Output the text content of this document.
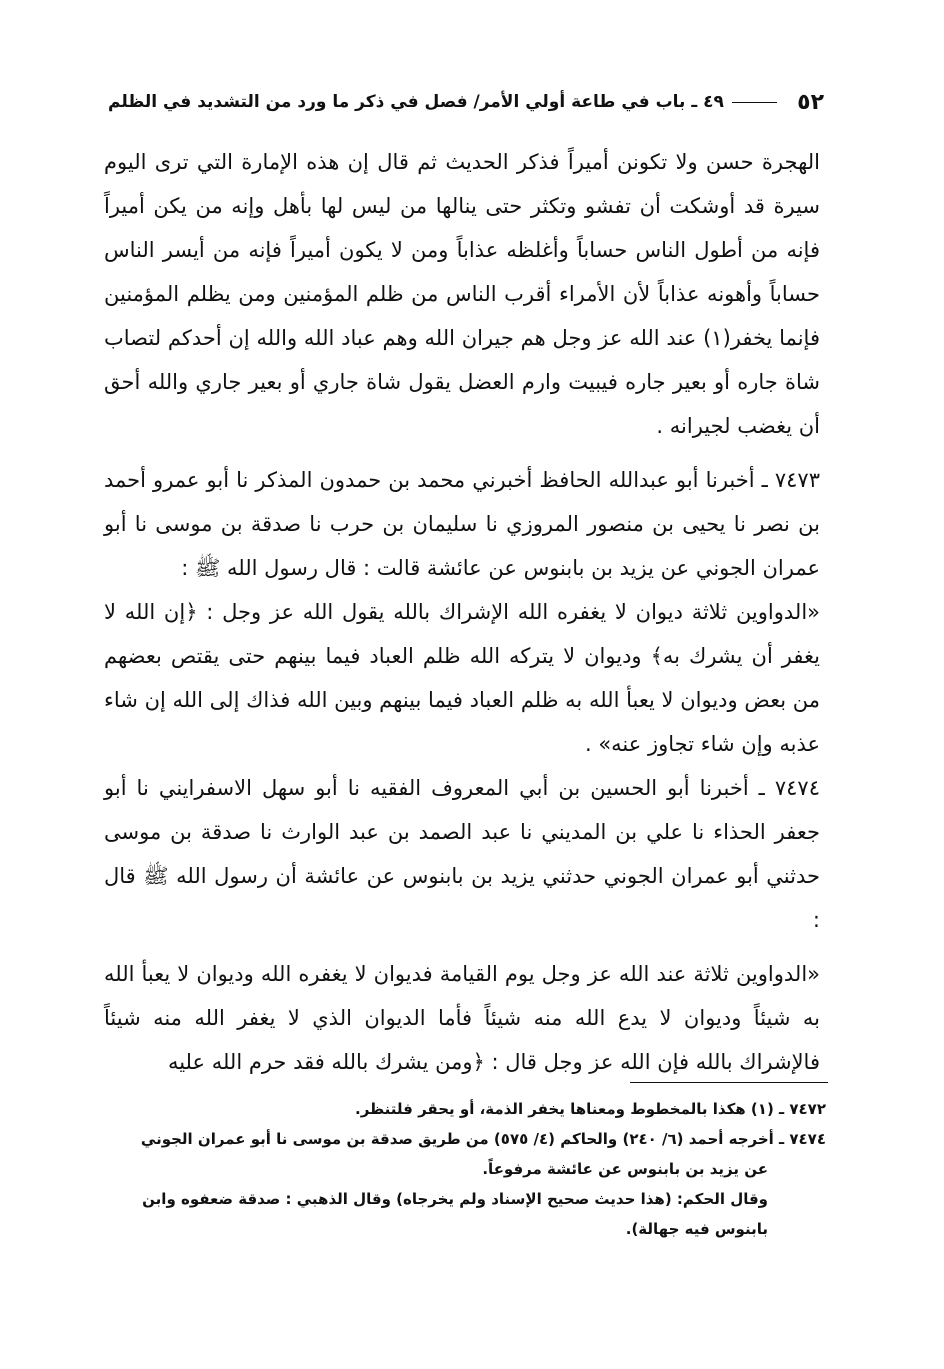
٥٢
٤٩ ـ باب في طاعة أولي الأمر/ فصل في ذكر ما ورد من التشديد في الظلم

الهجرة حسن ولا تكونن أميراً فذكر الحديث ثم قال إن هذه الإمارة التي ترى اليوم سيرة قد أوشكت أن تفشو وتكثر حتى ينالها من ليس لها بأهل وإنه من يكن أميراً فإنه من أطول الناس حساباً وأغلظه عذاباً ومن لا يكون أميراً فإنه من أيسر الناس حساباً وأهونه عذاباً لأن الأمراء أقرب الناس من ظلم المؤمنين ومن يظلم المؤمنين فإنما يخفر(١) عند الله عز وجل هم جيران الله وهم عباد الله والله إن أحدكم لتصاب شاة جاره أو بعير جاره فيبيت وارم العضل يقول شاة جاري أو بعير جاري والله أحق أن يغضب لجيرانه .

٧٤٧٣ ـ أخبرنا أبو عبدالله الحافظ أخبرني محمد بن حمدون المذكر نا أبو عمرو أحمد بن نصر نا يحيى بن منصور المروزي نا سليمان بن حرب نا صدقة بن موسى نا أبو عمران الجوني عن يزيد بن بابنوس عن عائشة قالت : قال رسول الله ﷺ :

«الدواوين ثلاثة ديوان لا يغفره الله الإشراك بالله يقول الله عز وجل : ﴿إن الله لا يغفر أن يشرك به﴾ وديوان لا يتركه الله ظلم العباد فيما بينهم حتى يقتص بعضهم من بعض وديوان لا يعبأ الله به ظلم العباد فيما بينهم وبين الله فذاك إلى الله إن شاء عذبه وإن شاء تجاوز عنه» .

٧٤٧٤ ـ أخبرنا أبو الحسين بن أبي المعروف الفقيه نا أبو سهل الاسفرايني نا أبو جعفر الحذاء نا علي بن المديني نا عبد الصمد بن عبد الوارث نا صدقة بن موسى حدثني أبو عمران الجوني حدثني يزيد بن بابنوس عن عائشة أن رسول الله ﷺ قال :

«الدواوين ثلاثة عند الله عز وجل يوم القيامة فديوان لا يغفره الله وديوان لا يعبأ الله به شيئاً وديوان لا يدع الله منه شيئاً فأما الديوان الذي لا يغفر الله منه شيئاً فالإشراك بالله فإن الله عز وجل قال : ﴿ومن يشرك بالله فقد حرم الله عليه

٧٤٧٢ ـ (١) هكذا بالمخطوط ومعناها يخفر الذمة، أو يحقر فلتنظر.

٧٤٧٤ ـ أخرجه أحمد (٦/ ٢٤٠) والحاكم (٤/ ٥٧٥) من طريق صدقة بن موسى نا أبو عمران الجوني

عن يزيد بن بابنوس عن عائشة مرفوعاً.

وقال الحكم: (هذا حديث صحيح الإسناد ولم يخرجاه) وقال الذهبي : صدقة ضعفوه وابن

بابنوس فيه جهالة).
